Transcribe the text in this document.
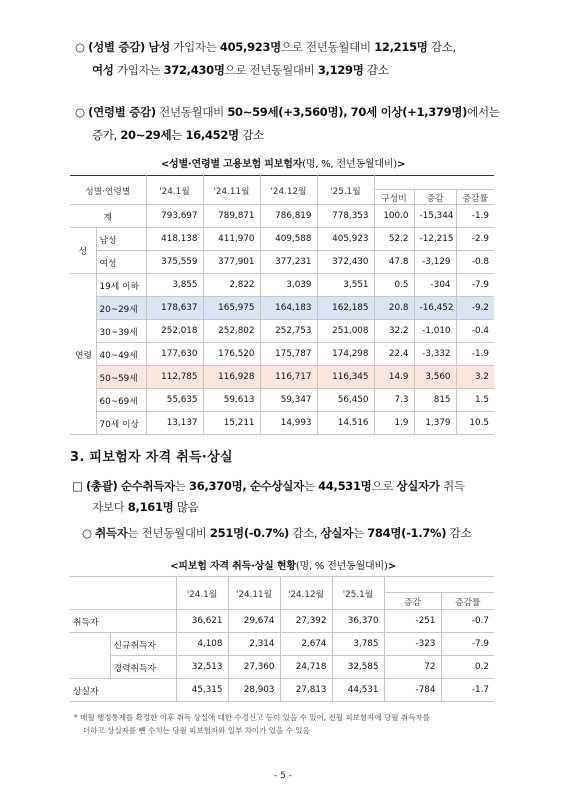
○ (성별 증감) 남성 가입자는 405,923명으로 전년동월대비 12,215명 감소,
여성 가입자는 372,430명으로 전년동월대비 3,129명 감소
○ (연령별 증감) 전년동월대비 50~59세(+3,560명), 70세 이상(+1,379명)에서는
증가, 20~29세는 16,452명 감소
<성별·연령별 고용보험 피보험자(명, %, 전년동월대비)>
성별·연령별		'24.1월	'24.11월	'24.12월	'25.1월			
						구성비	증감	증감률
계		793,697	789,871	786,819	778,353	100.0	-15,344	-1.9
성	남성	418,138	411,970	409,588	405,923	52.2	-12,215	-2.9
	여성	375,559	377,901	377,231	372,430	47.8	-3,129	-0.8
연령	19세 이하	3,855	2,822	3,039	3,551	0.5	-304	-7.9
	20~29세	178,637	165,975	164,183	162,185	20.8	-16,452	-9.2
	30~39세	252,018	252,802	252,753	251,008	32.2	-1,010	-0.4
	40~49세	177,630	176,520	175,787	174,298	22.4	-3,332	-1.9
	50~59세	112,785	116,928	116,717	116,345	14.9	3,560	3.2
	60~69세	55,635	59,613	59,347	56,450	7.3	815	1.5
	70세 이상	13,137	15,211	14,993	14,516	1.9	1,379	10.5
3. 피보험자 자격 취득·상실
□ (총괄) 순수취득자는 36,370명, 순수상실자는 44,531명으로 상실자가 취득
자보다 8,161명 많음
○ 취득자는 전년동월대비 251명(-0.7%) 감소, 상실자는 784명(-1.7%) 감소
<피보험 자격 취득·상실 현황(명, % 전년동월대비)>
		'24.1월	'24.11월	'24.12월	'25.1월		
						증감	증감률
취득자		36,621	29,674	27,392	36,370	-251	-0.7
	신규취득자	4,108	2,314	2,674	3,785	-323	-7.9
	경력취득자	32,513	27,360	24,718	32,585	72	0.2
상실자		45,315	28,903	27,813	44,531	-784	-1.7
* 매월 행정통계를 확정한 이후 취득 상실에 대한 수정신고 등이 있을 수 있어, 전월 피보험자에 당월 취득자를
더하고 상실자를 뺀 수치는 당월 피보험자와 일부 차이가 있을 수 있음
- 5 -
